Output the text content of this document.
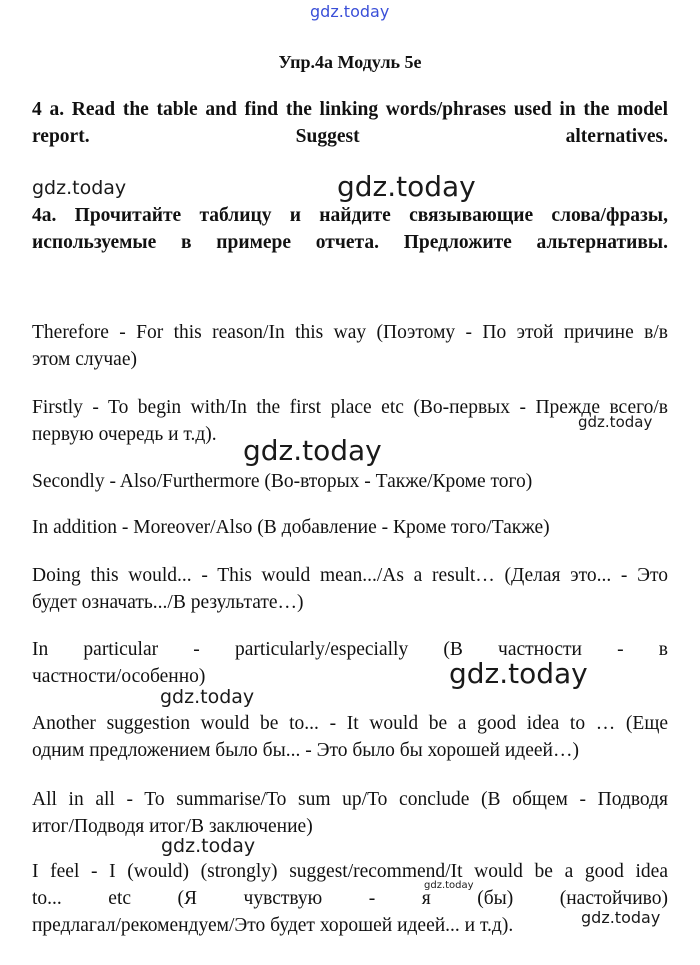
gdz.today
gdz.today	gdz.today
gdz.today
gdz.today
gdz.today
gdz.today
gdz.today
gdz.today
gdz.today
Упр.4а Модуль 5е
4 a. Read the table and find the linking words/phrases used in the model report. Suggest alternatives.
4а. Прочитайте таблицу и найдите связывающие слова/фразы, используемые в примере отчета. Предложите альтернативы.
Therefore - For this reason/In this way (Поэтому - По этой причине в/в
этом случае)
Firstly - To begin with/In the first place etc (Во-первых - Прежде всего/в
первую очередь и т.д).
Secondly - Also/Furthermore (Во-вторых - Также/Кроме того)
In addition - Moreover/Also (В добавление - Кроме того/Также)
Doing this would... - This would mean.../As a result… (Делая это... - Это
будет означать.../В результате…)
In particular - particularly/especially (В частности - в
частности/особенно)
Another suggestion would be to... - It would be a good idea to … (Еще
одним предложением было бы... - Это было бы хорошей идеей…)
All in all - To summarise/To sum up/To conclude (В общем - Подводя
итог/Подводя итог/В заключение)
I feel - I (would) (strongly) suggest/recommend/It would be a good idea
to... etc (Я чувствую - я (бы) (настойчиво)
предлагал/рекомендуем/Это будет хорошей идеей... и т.д).
